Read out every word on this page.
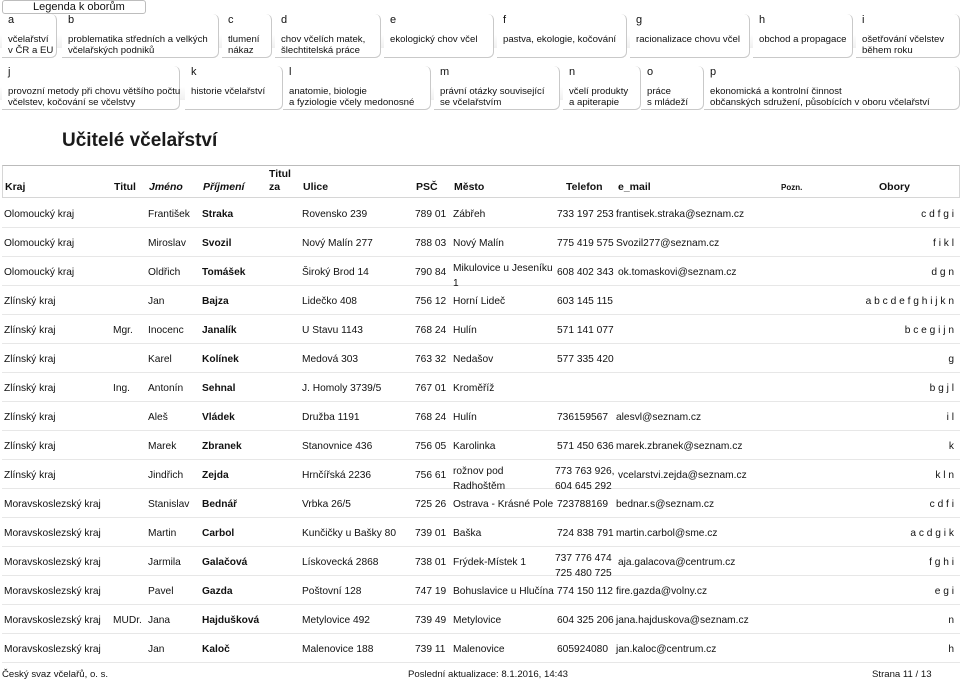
Legenda k oborům
a
včelařství
v ČR a EU
b
problematika středních a velkých
včelařských podniků
c
tlumení
nákaz
d
chov včelích matek,
šlechtitelská práce
e
ekologický chov včel
f
pastva, ekologie, kočování
g
racionalizace chovu včel
h
obchod a propagace
i
ošetřování včelstev
během roku
j
provozní metody při chovu většího počtu
včelstev, kočování se včelstvy
k
historie včelařství
l
anatomie, biologie
a fyziologie včely medonosné
m
právní otázky související
se včelařstvím
n
včelí produkty
a apiterapie
o
práce
s mládeží
p
ekonomická a kontrolní činnost
občanských sdružení, působících v oboru včelařství
Učitelé včelařství
Kraj	Titul Jméno Příjmení
Titul
za Ulice	PSČ Město	Telefon e_mail	Pozn.	Obory
Olomoucký kraj	František Straka	Rovensko 239	789 01 Zábřeh	733 197 253 frantisek.straka@seznam.cz	c d f g i
Olomoucký kraj	Miroslav Svozil	Nový Malín 277	788 03 Nový Malín	775 419 575 Svozil277@seznam.cz	f i k l
Olomoucký kraj	Oldřich Tomášek	Široký Brod 14	790 84 Mikulovice u Jeseníku
1
608 402 343 ok.tomaskovi@seznam.cz	d g n
Zlínský kraj	Jan	Bajza	Lidečko 408	756 12 Horní Lideč	603 145 115	a b c d e f g h i j k n
Zlínský kraj	Mgr. Inocenc Janalík	U Stavu 1143	768 24 Hulín	571 141 077	b c e g i j n
Zlínský kraj	Karel	Kolínek	Medová 303	763 32 Nedašov	577 335 420	g
Zlínský kraj	Ing. Antonín Sehnal	J. Homoly 3739/5	767 01 Kroměříž	b g j l
Zlínský kraj	Aleš	Vládek	Družba 1191	768 24 Hulín	736159567 alesvl@seznam.cz	i l
Zlínský kraj	Marek	Zbranek	Stanovnice 436	756 05 Karolinka	571 450 636 marek.zbranek@seznam.cz	k
Zlínský kraj	Jindřich Zejda	Hrnčířská 2236	756 61 rožnov pod
Radhoštěm
773 763 926,
604 645 292
vcelarstvi.zejda@seznam.cz	k l n
Moravskoslezský kraj	Stanislav Bednář	Vrbka 26/5	725 26 Ostrava - Krásné Pole 723788169 bednar.s@seznam.cz	c d f i
Moravskoslezský kraj	Martin	Carbol	Kunčičky u Bašky 80 739 01 Baška	724 838 791 martin.carbol@sme.cz	a c d g i k
Moravskoslezský kraj	Jarmila Galačová	Lískovecká 2868	738 01 Frýdek-Místek 1	737 776 474
725 480 725
aja.galacova@centrum.cz	f g h i
Moravskoslezský kraj	Pavel	Gazda	Poštovní 128	747 19 Bohuslavice u Hlučína 774 150 112 fire.gazda@volny.cz	e g i
Moravskoslezský kraj MUDr. Jana	Hajdušková	Metylovice 492	739 49 Metylovice	604 325 206 jana.hajduskova@seznam.cz	n
Moravskoslezský kraj	Jan	Kaloč	Malenovice 188	739 11 Malenovice	605924080 jan.kaloc@centrum.cz	h
Český svaz včelařů, o. s.	Poslední aktualizace: 8.1.2016, 14:43	Strana 11 / 13
